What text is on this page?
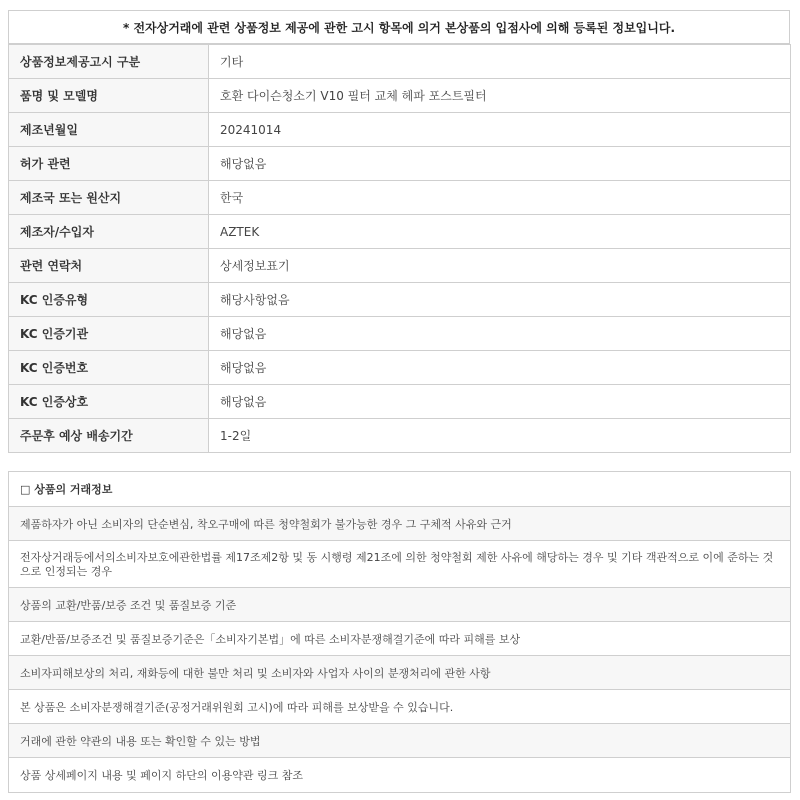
* 전자상거래에 관련 상품정보 제공에 관한 고시 항목에 의거 본상품의 입점사에 의해 등록된 정보입니다.
상품정보제공고시 구분	기타
품명 및 모델명	호환 다이슨청소기 V10 필터 교체 헤파 포스트필터
제조년월일	20241014
허가 관련	해당없음
제조국 또는 원산지	한국
제조자/수입자	AZTEK
관련 연락처	상세정보표기
KC 인증유형	해당사항없음
KC 인증기관	해당없음
KC 인증번호	해당없음
KC 인증상호	해당없음
주문후 예상 배송기간	1-2일
□ 상품의 거래정보
제품하자가 아닌 소비자의 단순변심, 착오구매에 따른 청약철회가 불가능한 경우 그 구체적 사유와 근거
전자상거래등에서의소비자보호에관한법률 제17조제2항 및 동 시행령 제21조에 의한 청약철회 제한 사유에 해당하는 경우 및 기타 객관적으로 이에 준하는 것으로 인정되는 경우
상품의 교환/반품/보증 조건 및 품질보증 기준
교환/반품/보증조건 및 품질보증기준은「소비자기본법」에 따른 소비자분쟁해결기준에 따라 피해를 보상
소비자피해보상의 처리, 재화등에 대한 불만 처리 및 소비자와 사업자 사이의 분쟁처리에 관한 사항
본 상품은 소비자분쟁해결기준(공정거래위원회 고시)에 따라 피해를 보상받을 수 있습니다.
거래에 관한 약관의 내용 또는 확인할 수 있는 방법
상품 상세페이지 내용 및 페이지 하단의 이용약관 링크 참조
